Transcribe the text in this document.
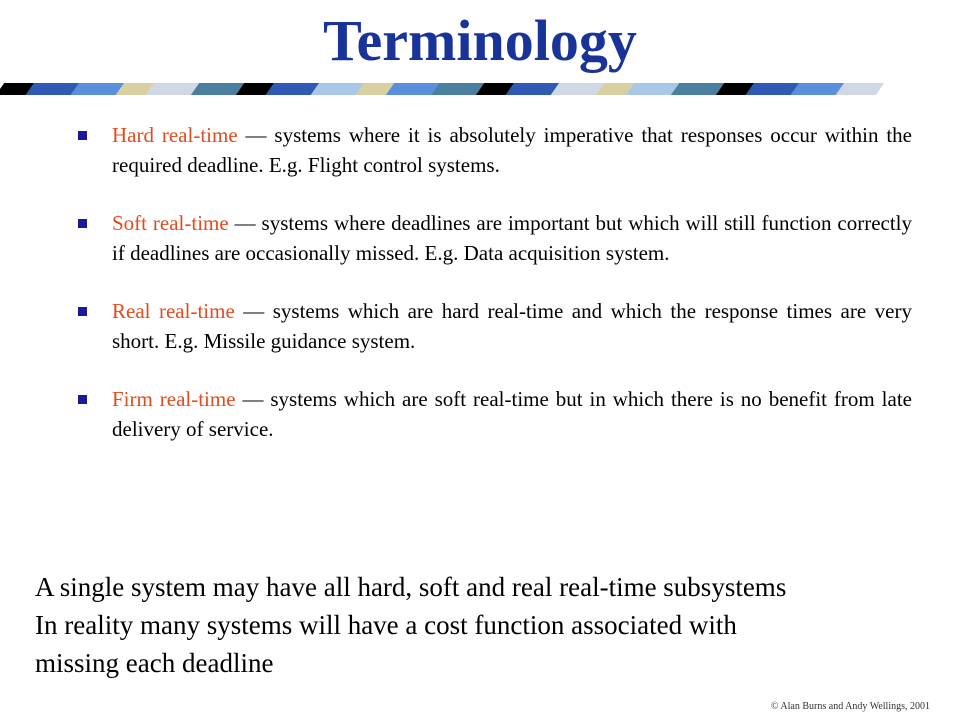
Terminology
Hard real-time — systems where it is absolutely imperative that responses occur within the required deadline. E.g. Flight control systems.
Soft real-time — systems where deadlines are important but which will still function correctly if deadlines are occasionally missed. E.g. Data acquisition system.
Real real-time — systems which are hard real-time and which the response times are very short. E.g. Missile guidance system.
Firm real-time — systems which are soft real-time but in which there is no benefit from late delivery of service.
A single system may have all hard, soft and real real-time subsystems
In reality many systems will have a cost function associated with
missing each deadline
© Alan Burns and Andy Wellings, 2001
